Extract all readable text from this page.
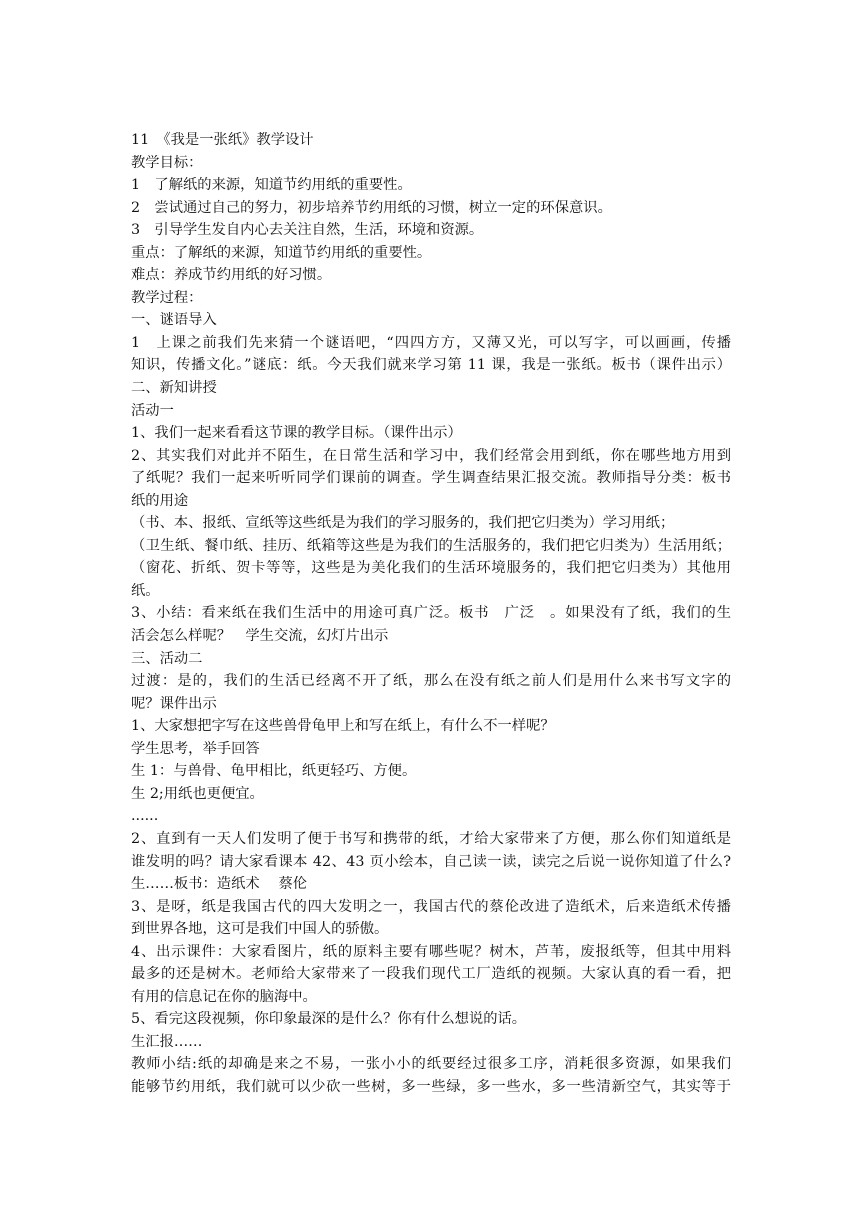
11　《我是一张纸》教学设计
教学目标：
1　了解纸的来源，知道节约用纸的重要性。
2　尝试通过自己的努力，初步培养节约用纸的习惯，树立一定的环保意识。
3　引导学生发自内心去关注自然，生活，环境和资源。
重点：了解纸的来源，知道节约用纸的重要性。
难点：养成节约用纸的好习惯。
教学过程：
一、谜语导入
1　上课之前我们先来猜一个谜语吧，“四四方方，又薄又光，可以写字，可以画画，传播
知识，传播文化。”谜底：纸。今天我们就来学习第 11 课，我是一张纸。板书（课件出示）
二、新知讲授
活动一
1、我们一起来看看这节课的教学目标。（课件出示）
2、其实我们对此并不陌生，在日常生活和学习中，我们经常会用到纸，你在哪些地方用到
了纸呢？我们一起来听听同学们课前的调查。学生调查结果汇报交流。教师指导分类：板书
纸的用途
（书、本、报纸、宣纸等这些纸是为我们的学习服务的，我们把它归类为）学习用纸；
（卫生纸、餐巾纸、挂历、纸箱等这些是为我们的生活服务的，我们把它归类为）生活用纸；
（窗花、折纸、贺卡等等，这些是为美化我们的生活环境服务的，我们把它归类为）其他用
纸。
3、小结：看来纸在我们生活中的用途可真广泛。板书　广泛　。如果没有了纸，我们的生
活会怎么样呢？　学生交流，幻灯片出示
三、活动二
过渡：是的，我们的生活已经离不开了纸，那么在没有纸之前人们是用什么来书写文字的
呢？课件出示
1、大家想把字写在这些兽骨龟甲上和写在纸上，有什么不一样呢？
学生思考，举手回答
生 1：与兽骨、龟甲相比，纸更轻巧、方便。
生 2;用纸也更便宜。
......
2、直到有一天人们发明了便于书写和携带的纸，才给大家带来了方便，那么你们知道纸是
谁发明的吗？请大家看课本 42、43 页小绘本，自己读一读，读完之后说一说你知道了什么?
生……板书：造纸术　 蔡伦
3、是呀，纸是我国古代的四大发明之一，我国古代的蔡伦改进了造纸术，后来造纸术传播
到世界各地，这可是我们中国人的骄傲。
4、出示课件：大家看图片，纸的原料主要有哪些呢？树木，芦苇，废报纸等，但其中用料
最多的还是树木。老师给大家带来了一段我们现代工厂造纸的视频。大家认真的看一看，把
有用的信息记在你的脑海中。
5、看完这段视频，你印象最深的是什么？你有什么想说的话。
生汇报……
教师小结:纸的却确是来之不易，一张小小的纸要经过很多工序，消耗很多资源，如果我们
能够节约用纸，我们就可以少砍一些树，多一些绿，多一些水，多一些清新空气，其实等于
